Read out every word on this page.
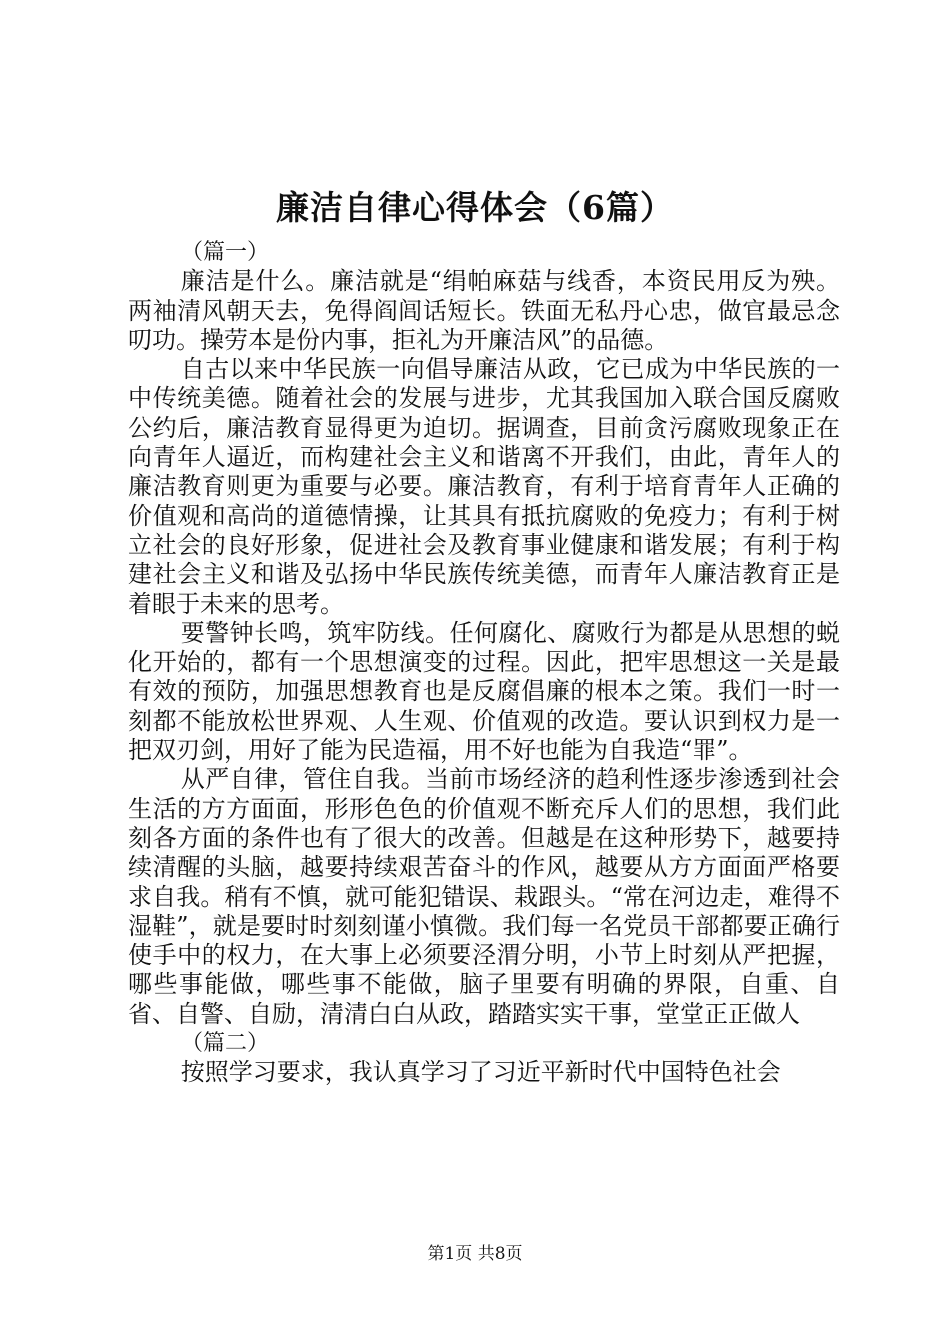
廉洁自律心得体会（6篇）

（篇一）

廉洁是什么。廉洁就是“绢帕麻菇与线香，本资民用反为殃。两袖清风朝天去，免得阎闾话短长。铁面无私丹心忠，做官最忌念叨功。操劳本是份内事，拒礼为开廉洁风”的品德。

自古以来中华民族一向倡导廉洁从政，它已成为中华民族的一中传统美德。随着社会的发展与进步，尤其我国加入联合国反腐败公约后，廉洁教育显得更为迫切。据调查，目前贪污腐败现象正在向青年人逼近，而构建社会主义和谐离不开我们，由此，青年人的廉洁教育则更为重要与必要。廉洁教育，有利于培育青年人正确的价值观和高尚的道德情操，让其具有抵抗腐败的免疫力；有利于树立社会的良好形象，促进社会及教育事业健康和谐发展；有利于构建社会主义和谐及弘扬中华民族传统美德，而青年人廉洁教育正是着眼于未来的思考。

要警钟长鸣，筑牢防线。任何腐化、腐败行为都是从思想的蜕化开始的，都有一个思想演变的过程。因此，把牢思想这一关是最有效的预防，加强思想教育也是反腐倡廉的根本之策。我们一时一刻都不能放松世界观、人生观、价值观的改造。要认识到权力是一把双刃剑，用好了能为民造福，用不好也能为自我造“罪”。

从严自律，管住自我。当前市场经济的趋利性逐步渗透到社会生活的方方面面，形形色色的价值观不断充斥人们的思想，我们此刻各方面的条件也有了很大的改善。但越是在这种形势下，越要持续清醒的头脑，越要持续艰苦奋斗的作风，越要从方方面面严格要求自我。稍有不慎，就可能犯错误、栽跟头。“常在河边走，难得不湿鞋”，就是要时时刻刻谨小慎微。我们每一名党员干部都要正确行使手中的权力，在大事上必须要泾渭分明，小节上时刻从严把握，哪些事能做，哪些事不能做，脑子里要有明确的界限，自重、自省、自警、自励，清清白白从政，踏踏实实干事，堂堂正正做人

（篇二）

按照学习要求，我认真学习了习近平新时代中国特色社会

第1页 共8页
